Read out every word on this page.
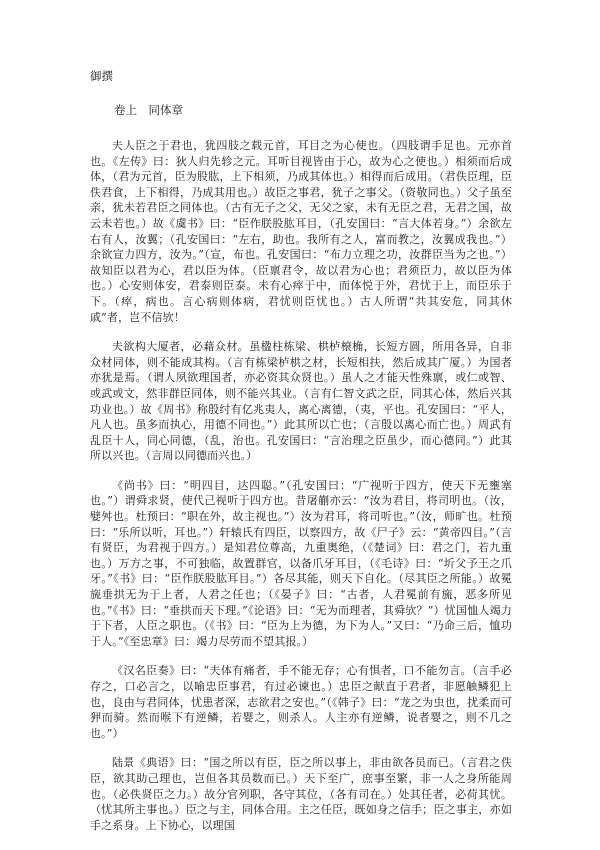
御撰

卷上　同体章

夫人臣之于君也，犹四肢之载元首，耳目之为心使也。（四肢谓手足也。元亦首也。《左传》曰：狄人归先轸之元。耳听目视皆由于心，故为心之使也。）相须而后成体，（君为元首，臣为股肱，上下相须，乃成其体也。）相得而后成用。（君佚臣理，臣佚君食，上下相得，乃成其用也。）故臣之事君，犹子之事父。（资敬同也。）父子虽至亲，犹未若君臣之同体也。（古有无子之父，无父之家，未有无臣之君，无君之国，故云未若也。）故《虞书》曰：“臣作朕股肱耳目，（孔安国曰：“言大体若身。”）余欲左右有人，汝翼；（孔安国曰：“左右，助也。我所有之人，富而教之，汝翼成我也。”）余欲宣力四方，汝为。”（宣，布也。孔安国曰：“布力立理之功，汝群臣当为之也。”）故知臣以君为心，君以臣为体。（臣禀君令，故以君为心也；君须臣力，故以臣为体也。）心安则体安，君泰则臣泰。未有心瘁于中，而体悦于外，君忧于上，而臣乐于下。（瘁，病也。言心病则体病，君忧则臣忧也。）古人所谓“共其安危，同其休戚”者，岂不信欤！

夫欲构大厦者，必藉众材。虽楹柱栋梁、栱栌榱桷，长短方圆，所用各异，自非众材同体，则不能成其构。（言有栋梁栌栱之材，长短相扶，然后成其广厦。）为国者亦犹是焉。（谓人夙欲理国者，亦必资其众贤也。）虽人之才能天性殊禀，或仁或智、或武或文，然非群臣同体，则不能兴其业。（言有仁智文武之臣，同其心体，然后兴其功业也。）故《周书》称殷纣有亿兆夷人，离心离德，（夷，平也。孔安国曰：“平人，凡人也。虽多而执心，用德不同也。”）此其所以亡也；（言殷以离心而亡也。）周武有乱臣十人，同心同德，（乱，治也。孔安国曰：“言治理之臣虽少，而心德同。”）此其所以兴也。（言周以同德而兴也。）

《尚书》曰：“明四目，达四聪。”（孔安国曰：“广视听于四方，使天下无壅塞也。”）谓舜求贤，使代己视听于四方也。昔屠蒯亦云：“汝为君目，将司明也。（汝，嬖舛也。杜预曰：“职在外，故主视也。”）汝为君耳，将司听也。”（汝，师旷也。杜预曰：“乐所以听，耳也。”）轩辕氏有四臣，以察四方，故《尸子》云：“黄帝四目。”（言有贤臣，为君视于四方。）是知君位尊高，九重奥绝，（《楚词》曰：君之门，若九重也。）万方之事，不可独临，故置群官，以备爪牙耳目，（《毛诗》曰：“圻父予王之爪牙。”《书》曰：“臣作朕股肱耳目。”）各尽其能，则天下自化。（尽其臣之所能。）故冕旒垂拱无为于上者，人君之任也；（《晏子》曰：“古者，人君冕前有旒，恶多所见也。”《书》曰：“垂拱而天下理。”《论语》曰：“无为而理者，其舜欤？”）忧国恤人竭力于下者，人臣之职也。（《书》曰：“臣为上为德，为下为人。”又曰：“乃命三后，恤功于人。”《至忠章》曰：竭力尽劳而不望其报。）

《汉名臣奏》曰：“夫体有痛者，手不能无存；心有惧者，口不能勿言。（言手必存之，口必言之，以喻忠臣事君，有过必谏也。）忠臣之献直于君者，非愿触鳞犯上也，良由与君同体，忧患者深，志欲君之安也。”（《韩子》曰：“龙之为虫也，扰柔而可狎而骑。然而喉下有逆鳞，若婴之，则杀人。人主亦有逆鳞，说者婴之，则不几之也。”）

陆景《典语》曰：“国之所以有臣，臣之所以事上，非由欲各员而已。（言君之佚臣，欲其助己理也，岂但各其员数而已。）天下至广，庶事至繁，非一人之身所能周也。（必佚贤臣之力。）故分官列职，各守其位，（各有司在。）处其任者，必荷其忧。（忧其所主事也。）臣之与主，同体合用。主之任臣，既如身之信手；臣之事主，亦如手之系身。上下协心，以理国
